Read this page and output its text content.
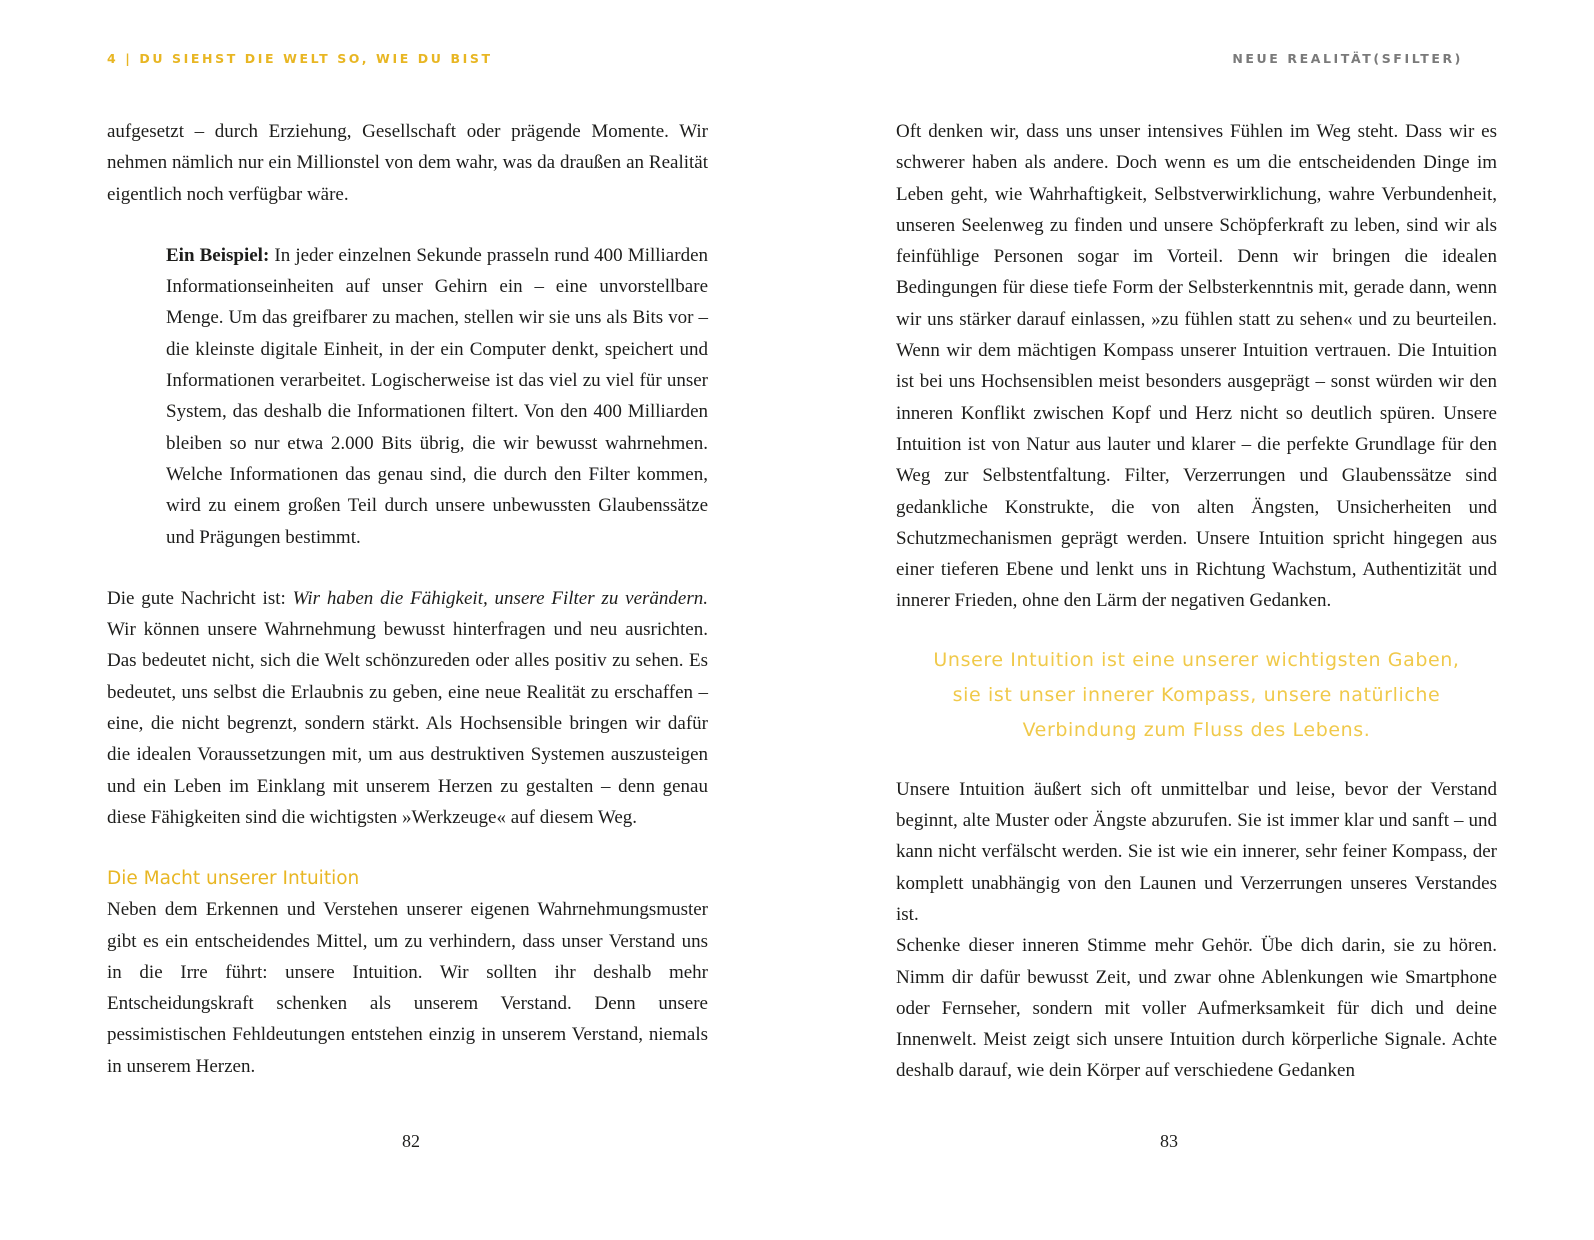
4 | DU SIEHST DIE WELT SO, WIE DU BIST

aufgesetzt – durch Erziehung, Gesellschaft oder prägende Momente. Wir nehmen nämlich nur ein Millionstel von dem wahr, was da draußen an Realität eigentlich noch verfügbar wäre.

Ein Beispiel: In jeder einzelnen Sekunde prasseln rund 400 Milliarden Informationseinheiten auf unser Gehirn ein – eine unvorstellbare Menge. Um das greifbarer zu machen, stellen wir sie uns als Bits vor – die kleinste digitale Einheit, in der ein Computer denkt, speichert und Informationen verarbeitet. Logischerweise ist das viel zu viel für unser System, das deshalb die Informationen filtert. Von den 400 Milliarden bleiben so nur etwa 2.000 Bits übrig, die wir bewusst wahrnehmen. Welche Informationen das genau sind, die durch den Filter kommen, wird zu einem großen Teil durch unsere unbewussten Glaubenssätze und Prägungen bestimmt.

Die gute Nachricht ist: Wir haben die Fähigkeit, unsere Filter zu verändern. Wir können unsere Wahrnehmung bewusst hinterfragen und neu ausrichten. Das bedeutet nicht, sich die Welt schönzureden oder alles positiv zu sehen. Es bedeutet, uns selbst die Erlaubnis zu geben, eine neue Realität zu erschaffen – eine, die nicht begrenzt, sondern stärkt. Als Hochsensible bringen wir dafür die idealen Voraussetzungen mit, um aus destruktiven Systemen auszusteigen und ein Leben im Einklang mit unserem Herzen zu gestalten – denn genau diese Fähigkeiten sind die wichtigsten »Werkzeuge« auf diesem Weg.

Die Macht unserer Intuition

Neben dem Erkennen und Verstehen unserer eigenen Wahrnehmungsmuster gibt es ein entscheidendes Mittel, um zu verhindern, dass unser Verstand uns in die Irre führt: unsere Intuition. Wir sollten ihr deshalb mehr Entscheidungskraft schenken als unserem Verstand. Denn unsere pessimistischen Fehldeutungen entstehen einzig in unserem Verstand, niemals in unserem Herzen.

82
NEUE REALITÄT(SFILTER)

Oft denken wir, dass uns unser intensives Fühlen im Weg steht. Dass wir es schwerer haben als andere. Doch wenn es um die entscheidenden Dinge im Leben geht, wie Wahrhaftigkeit, Selbstverwirklichung, wahre Verbundenheit, unseren Seelenweg zu finden und unsere Schöpferkraft zu leben, sind wir als feinfühlige Personen sogar im Vorteil. Denn wir bringen die idealen Bedingungen für diese tiefe Form der Selbsterkenntnis mit, gerade dann, wenn wir uns stärker darauf einlassen, »zu fühlen statt zu sehen« und zu beurteilen. Wenn wir dem mächtigen Kompass unserer Intuition vertrauen. Die Intuition ist bei uns Hochsensiblen meist besonders ausgeprägt – sonst würden wir den inneren Konflikt zwischen Kopf und Herz nicht so deutlich spüren. Unsere Intuition ist von Natur aus lauter und klarer – die perfekte Grundlage für den Weg zur Selbstentfaltung. Filter, Verzerrungen und Glaubenssätze sind gedankliche Konstrukte, die von alten Ängsten, Unsicherheiten und Schutzmechanismen geprägt werden. Unsere Intuition spricht hingegen aus einer tieferen Ebene und lenkt uns in Richtung Wachstum, Authentizität und innerer Frieden, ohne den Lärm der negativen Gedanken.

Unsere Intuition ist eine unserer wichtigsten Gaben,
sie ist unser innerer Kompass, unsere natürliche
Verbindung zum Fluss des Lebens.

Unsere Intuition äußert sich oft unmittelbar und leise, bevor der Verstand beginnt, alte Muster oder Ängste abzurufen. Sie ist immer klar und sanft – und kann nicht verfälscht werden. Sie ist wie ein innerer, sehr feiner Kompass, der komplett unabhängig von den Launen und Verzerrungen unseres Verstandes ist.

Schenke dieser inneren Stimme mehr Gehör. Übe dich darin, sie zu hören. Nimm dir dafür bewusst Zeit, und zwar ohne Ablenkungen wie Smartphone oder Fernseher, sondern mit voller Aufmerksamkeit für dich und deine Innenwelt. Meist zeigt sich unsere Intuition durch körperliche Signale. Achte deshalb darauf, wie dein Körper auf verschiedene Gedanken

83
